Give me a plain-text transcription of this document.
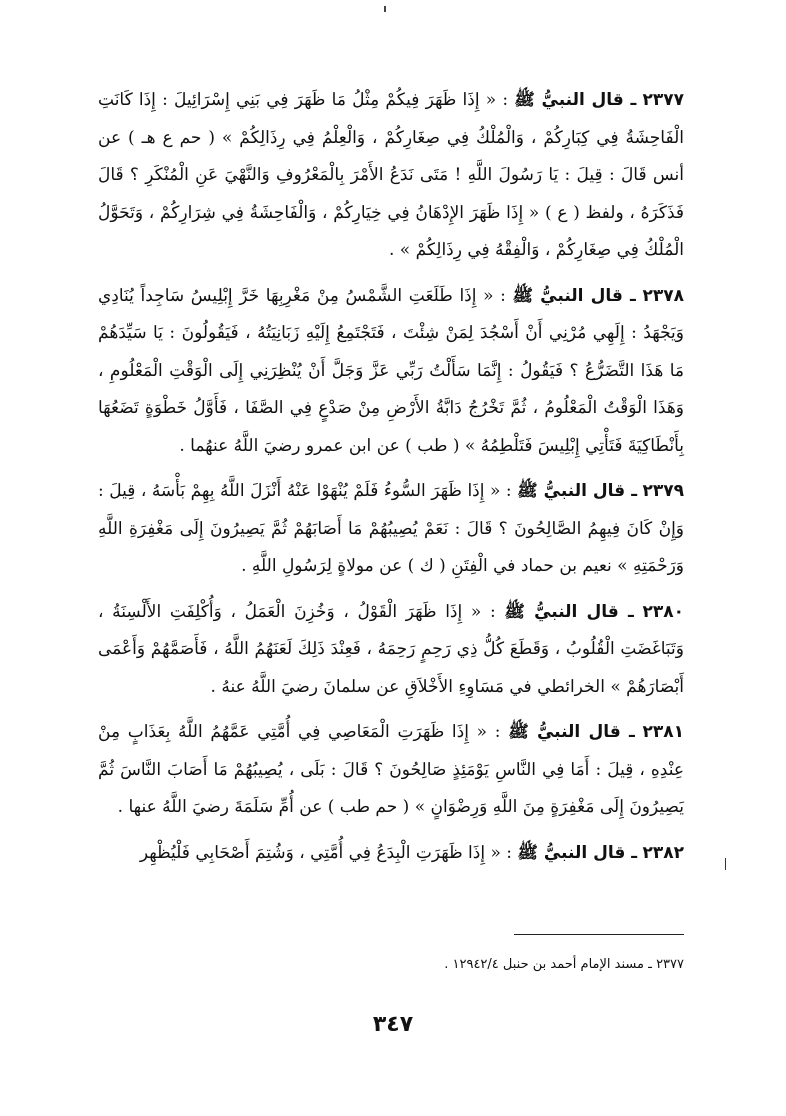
٢٣٧٧ ـ قال النبيُّ ﷺ : « إِذَا ظَهَرَ فِيكُمْ مِثْلُ مَا ظَهَرَ فِي بَنِي إِسْرَائِيلَ : إِذَا كَانَتِ الْفَاحِشَةُ فِي كِبَارِكُمْ ، وَالْمُلْكُ فِي صِغَارِكُمْ ، وَالْعِلْمُ فِي رِذَالِكُمْ » ( حم ع هـ ) عن أنس قَالَ : قِيلَ : يَا رَسُولَ اللَّهِ ! مَتَى نَدَعُ الأَمْرَ بِالْمَعْرُوفِ وَالنَّهْيَ عَنِ الْمُنْكَرِ ؟ قَالَ فَذَكَرَهُ ، ولفظ ( ع ) « إِذَا ظَهَرَ الإِدْهَانُ فِي خِيَارِكُمْ ، وَالْفَاحِشَةُ فِي شِرَارِكُمْ ، وَتَحَوَّلُ الْمُلْكُ فِي صِغَارِكُمْ ، وَالْفِقْهُ فِي رِذَالِكُمْ » .

٢٣٧٨ ـ قال النبيُّ ﷺ : « إِذَا طَلَعَتِ الشَّمْسُ مِنْ مَغْرِبِهَا خَرَّ إِبْلِيسُ سَاجِداً يُنَادِي وَيَجْهَدُ : إِلَهِي مُرْنِي أَنْ أَسْجُدَ لِمَنْ شِئْتَ ، فَتَجْتَمِعُ إِلَيْهِ زَبَانِيَتُهُ ، فَيَقُولُونَ : يَا سَيِّدَهُمْ مَا هَذَا التَّضَرُّعُ ؟ فَيَقُولُ : إِنَّمَا سَأَلْتُ رَبِّي عَزَّ وَجَلَّ أَنْ يُنْظِرَنِي إِلَى الْوَقْتِ الْمَعْلُومِ ، وَهَذَا الْوَقْتُ الْمَعْلُومُ ، ثُمَّ تَخْرُجُ دَابَّةُ الأَرْضِ مِنْ صَدْعٍ فِي الصَّفَا ، فَأَوَّلُ خَطْوَةٍ تَضَعُهَا بِأَنْطَاكِيَةَ فَتَأْتِي إِبْلِيسَ فَتَلْطِمُهُ » ( طب ) عن ابن عمرو رضيَ اللَّهُ عنهُما .

٢٣٧٩ ـ قال النبيُّ ﷺ : « إِذَا ظَهَرَ السُّوءُ فَلَمْ يُنْهَوْا عَنْهُ أَنْزَلَ اللَّهُ بِهِمْ بَأْسَهُ ، قِيلَ : وَإِنْ كَانَ فِيهِمُ الصَّالِحُونَ ؟ قَالَ : نَعَمْ يُصِيبُهُمْ مَا أَصَابَهُمْ ثُمَّ يَصِيرُونَ إِلَى مَغْفِرَةِ اللَّهِ وَرَحْمَتِهِ » نعيم بن حماد في الْفِتَنِ ( ك ) عن مولاةٍ لِرَسُولِ اللَّهِ .

٢٣٨٠ ـ قال النبيُّ ﷺ : « إِذَا ظَهَرَ الْقَوْلُ ، وَخُزِنَ الْعَمَلُ ، وَأُكْلِفَتِ الأَلْسِنَةُ ، وَتَبَاغَضَتِ الْقُلُوبُ ، وَقَطَعَ كُلُّ ذِي رَحِمٍ رَحِمَهُ ، فَعِنْدَ ذَلِكَ لَعَنَهُمُ اللَّهُ ، فَأَصَمَّهُمْ وَأَعْمَى أَبْصَارَهُمْ » الخرائطي في مَسَاوِءِ الأَخْلاَقِ عن سلمانَ رضيَ اللَّهُ عنهُ .

٢٣٨١ ـ قال النبيُّ ﷺ : « إِذَا ظَهَرَتِ الْمَعَاصِي فِي أُمَّتِي عَمَّهُمُ اللَّهُ بِعَذَابٍ مِنْ عِنْدِهِ ، قِيلَ : أَمَا فِي النَّاسِ يَوْمَئِذٍ صَالِحُونَ ؟ قَالَ : بَلَى ، يُصِيبُهُمْ مَا أَصَابَ النَّاسَ ثُمَّ يَصِيرُونَ إِلَى مَغْفِرَةٍ مِنَ اللَّهِ وَرِضْوَانٍ » ( حم طب ) عن أُمِّ سَلَمَةَ رضيَ اللَّهُ عنها .

٢٣٨٢ ـ قال النبيُّ ﷺ : « إِذَا ظَهَرَتِ الْبِدَعُ فِي أُمَّتِي ، وَشُتِمَ أَصْحَابِي فَلْيُظْهِر

٢٣٧٧ ـ مسند الإمام أحمد بن حنبل ١٢٩٤٢/٤ .
٣٤٧
